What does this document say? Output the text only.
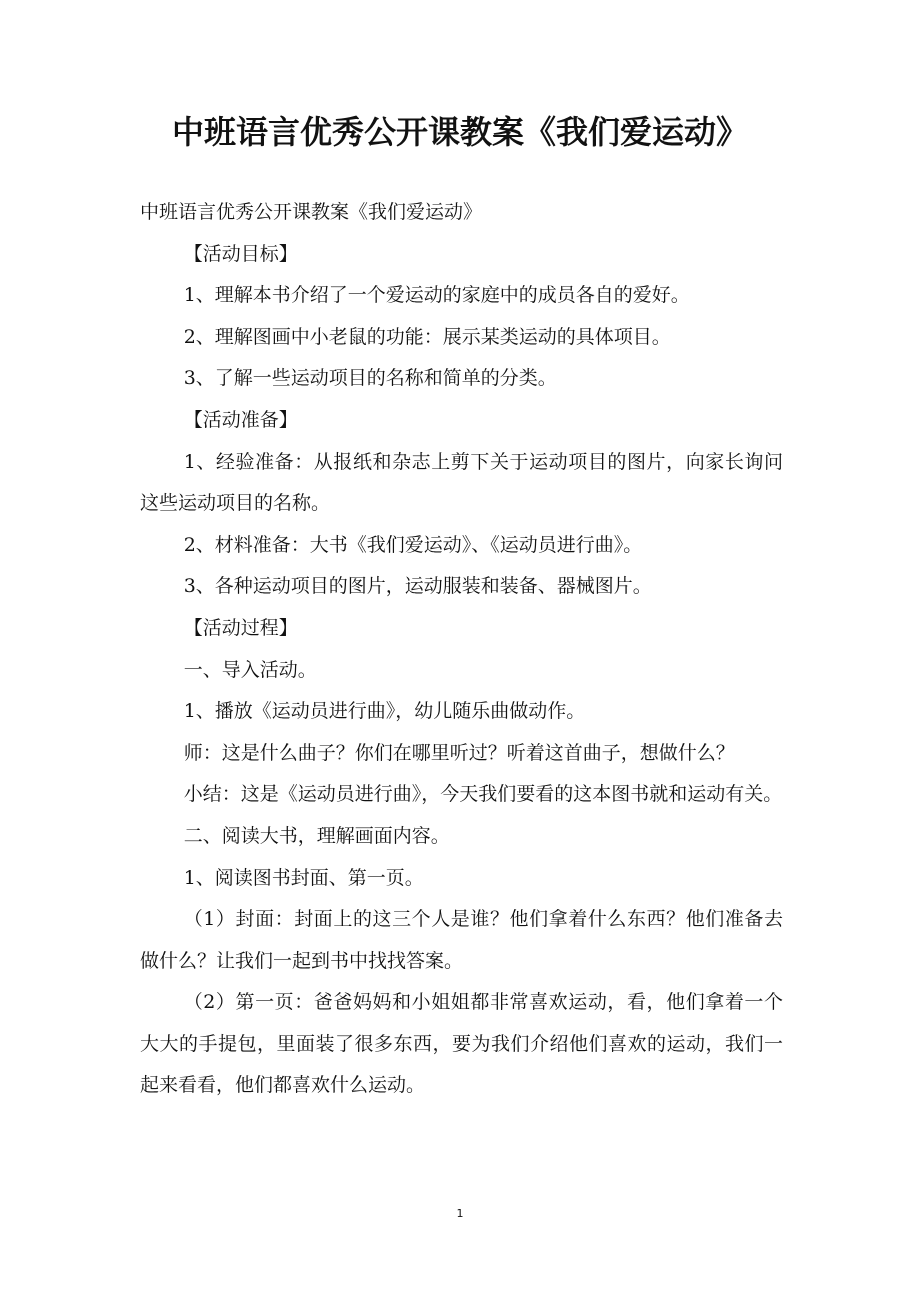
中班语言优秀公开课教案《我们爱运动》

中班语言优秀公开课教案《我们爱运动》

【活动目标】

1、理解本书介绍了一个爱运动的家庭中的成员各自的爱好。

2、理解图画中小老鼠的功能：展示某类运动的具体项目。

3、了解一些运动项目的名称和简单的分类。

【活动准备】

1、经验准备：从报纸和杂志上剪下关于运动项目的图片，向家长询问这些运动项目的名称。

2、材料准备：大书《我们爱运动》、《运动员进行曲》。

3、各种运动项目的图片，运动服装和装备、器械图片。

【活动过程】

一、导入活动。

1、播放《运动员进行曲》，幼儿随乐曲做动作。

师：这是什么曲子？你们在哪里听过？听着这首曲子，想做什么？

小结：这是《运动员进行曲》，今天我们要看的这本图书就和运动有关。

二、阅读大书，理解画面内容。

1、阅读图书封面、第一页。

（1）封面：封面上的这三个人是谁？他们拿着什么东西？他们准备去做什么？让我们一起到书中找找答案。

（2）第一页：爸爸妈妈和小姐姐都非常喜欢运动，看，他们拿着一个大大的手提包，里面装了很多东西，要为我们介绍他们喜欢的运动，我们一起来看看，他们都喜欢什么运动。

1
